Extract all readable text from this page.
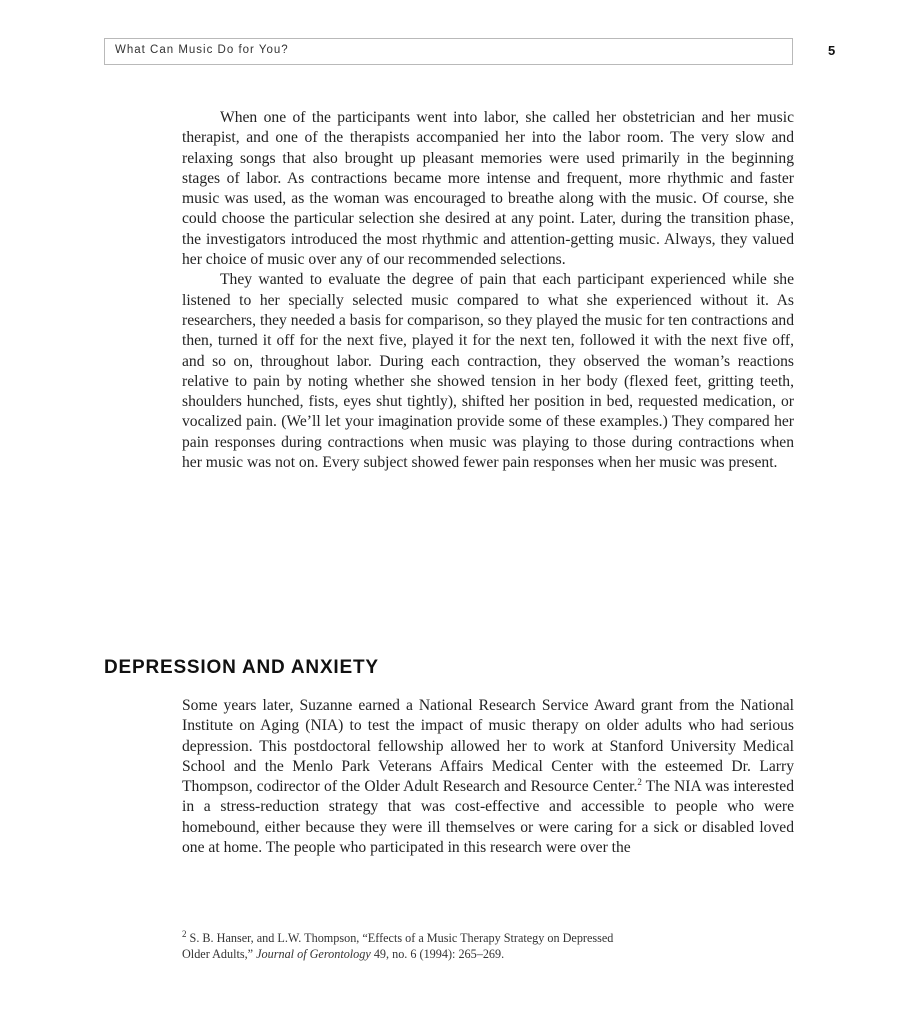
What Can Music Do for You?	5

When one of the participants went into labor, she called her obstetrician and her music therapist, and one of the therapists accompanied her into the labor room. The very slow and relaxing songs that also brought up pleasant memories were used primarily in the beginning stages of labor. As contractions became more intense and frequent, more rhythmic and faster music was used, as the woman was encouraged to breathe along with the music. Of course, she could choose the particular selection she desired at any point. Later, during the transition phase, the investigators introduced the most rhythmic and attention-getting music. Always, they valued her choice of music over any of our recommended selections.

They wanted to evaluate the degree of pain that each participant experienced while she listened to her specially selected music compared to what she experienced without it. As researchers, they needed a basis for comparison, so they played the music for ten contractions and then, turned it off for the next five, played it for the next ten, followed it with the next five off, and so on, throughout labor. During each contraction, they observed the woman’s reactions relative to pain by noting whether she showed tension in her body (flexed feet, gritting teeth, shoulders hunched, fists, eyes shut tightly), shifted her position in bed, requested medication, or vocalized pain. (We’ll let your imagination provide some of these examples.) They compared her pain responses during contractions when music was playing to those during contractions when her music was not on. Every subject showed fewer pain responses when her music was present.

DEPRESSION AND ANXIETY

Some years later, Suzanne earned a National Research Service Award grant from the National Institute on Aging (NIA) to test the impact of music therapy on older adults who had serious depression. This postdoctoral fellowship allowed her to work at Stanford University Medical School and the Menlo Park Veterans Affairs Medical Center with the esteemed Dr. Larry Thompson, codirector of the Older Adult Research and Resource Center.$^2$ The NIA was interested in a stress-reduction strategy that was cost-effective and accessible to people who were homebound, either because they were ill themselves or were caring for a sick or disabled loved one at home. The people who participated in this research were over the

$^2$ S. B. Hanser, and L.W. Thompson, “Effects of a Music Therapy Strategy on Depressed
Older Adults,” Journal of Gerontology 49, no. 6 (1994): 265–269.
